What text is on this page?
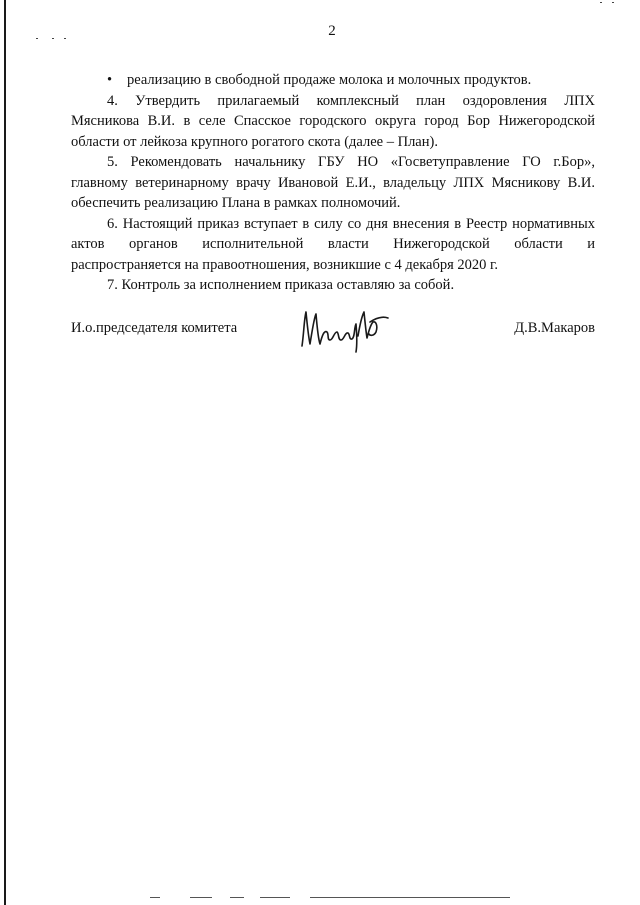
2
• реализацию в свободной продаже молока и молочных продуктов.
4. Утвердить прилагаемый комплексный план оздоровления ЛПХ
Мясникова В.И. в селе Спасское городского округа город Бор Нижегородской
области от лейкоза крупного рогатого скота (далее – План).
5. Рекомендовать начальнику ГБУ НО «Госветуправление ГО г.Бор»,
главному ветеринарному врачу Ивановой Е.И., владельцу ЛПХ Мясникову В.И.
обеспечить реализацию Плана в рамках полномочий.
6. Настоящий приказ вступает в силу со дня внесения в Реестр нормативных
актов органов исполнительной власти Нижегородской области и
распространяется на правоотношения, возникшие с 4 декабря 2020 г.
7. Контроль за исполнением приказа оставляю за собой.
И.о.председателя комитета	Д.В.Макаров
